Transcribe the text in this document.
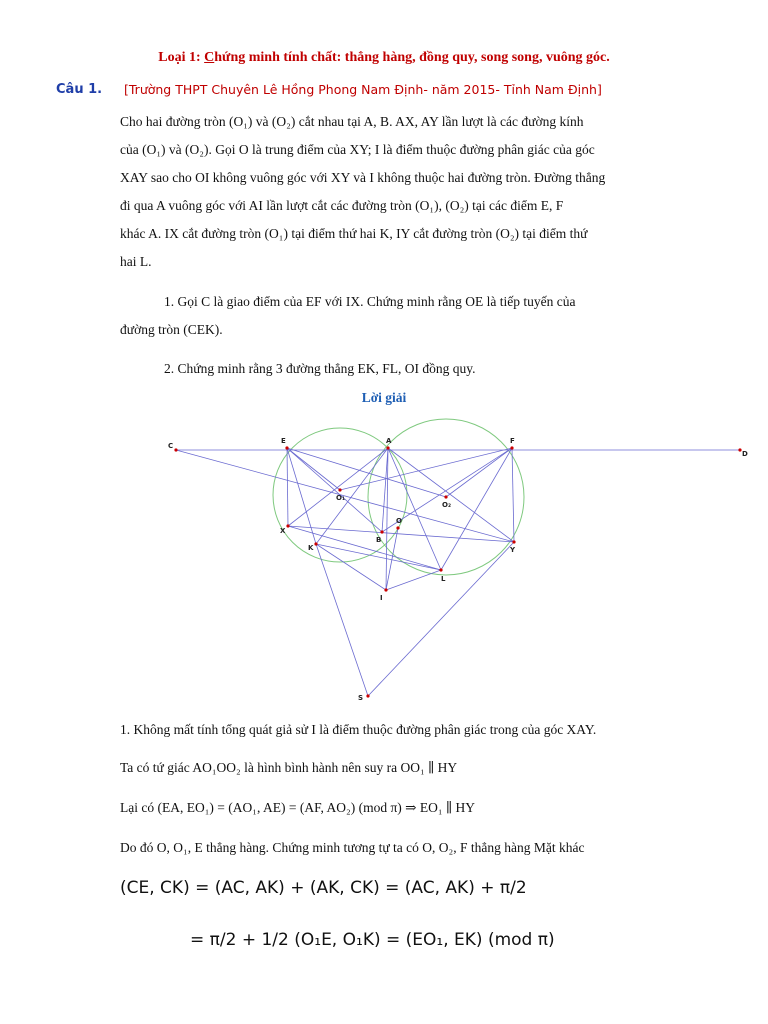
Loại 1: Chứng minh tính chất: thẳng hàng, đồng quy, song song, vuông góc.
Câu 1. [Trường THPT Chuyên Lê Hồng Phong Nam Định- năm 2015- Tỉnh Nam Định]
Cho hai đường tròn (O₁) và (O₂) cắt nhau tại A, B. AX, AY lần lượt là các đường kính
của (O₁) và (O₂). Gọi O là trung điểm của XY; I là điểm thuộc đường phân giác của góc
XAY sao cho OI không vuông góc với XY và I không thuộc hai đường tròn. Đường thẳng
đi qua A vuông góc với AI lần lượt cắt các đường tròn (O₁), (O₂) tại các điểm E, F
khác A. IX cắt đường tròn (O₁) tại điểm thứ hai K, IY cắt đường tròn (O₂) tại điểm thứ
hai L.
1. Gọi C là giao điểm của EF với IX. Chứng minh rằng OE là tiếp tuyến của
đường tròn (CEK).
2. Chứng minh rằng 3 đường thẳng EK, FL, OI đồng quy.
Lời giải
C
E	A	F
D
O₁
O₂
O
X
B
K	Y
L
I
S
1. Không mất tính tổng quát giả sử I là điểm thuộc đường phân giác trong của góc XAY.
Ta có tứ giác AO₁OO₂ là hình bình hành nên suy ra OO₁ ∥ HY
Lại có (EA, EO₁) = (AO₁, AE) = (AF, AO₂) (mod π) ⇒ EO₁ ∥ HY
Do đó O, O₁, E thẳng hàng. Chứng minh tương tự ta có O, O₂, F thẳng hàng Mặt khác
(CE, CK) = (AC, AK) + (AK, CK) = (AC, AK) + π/2
= π/2 + 1/2 (O₁E, O₁K) = (EO₁, EK) (mod π)
